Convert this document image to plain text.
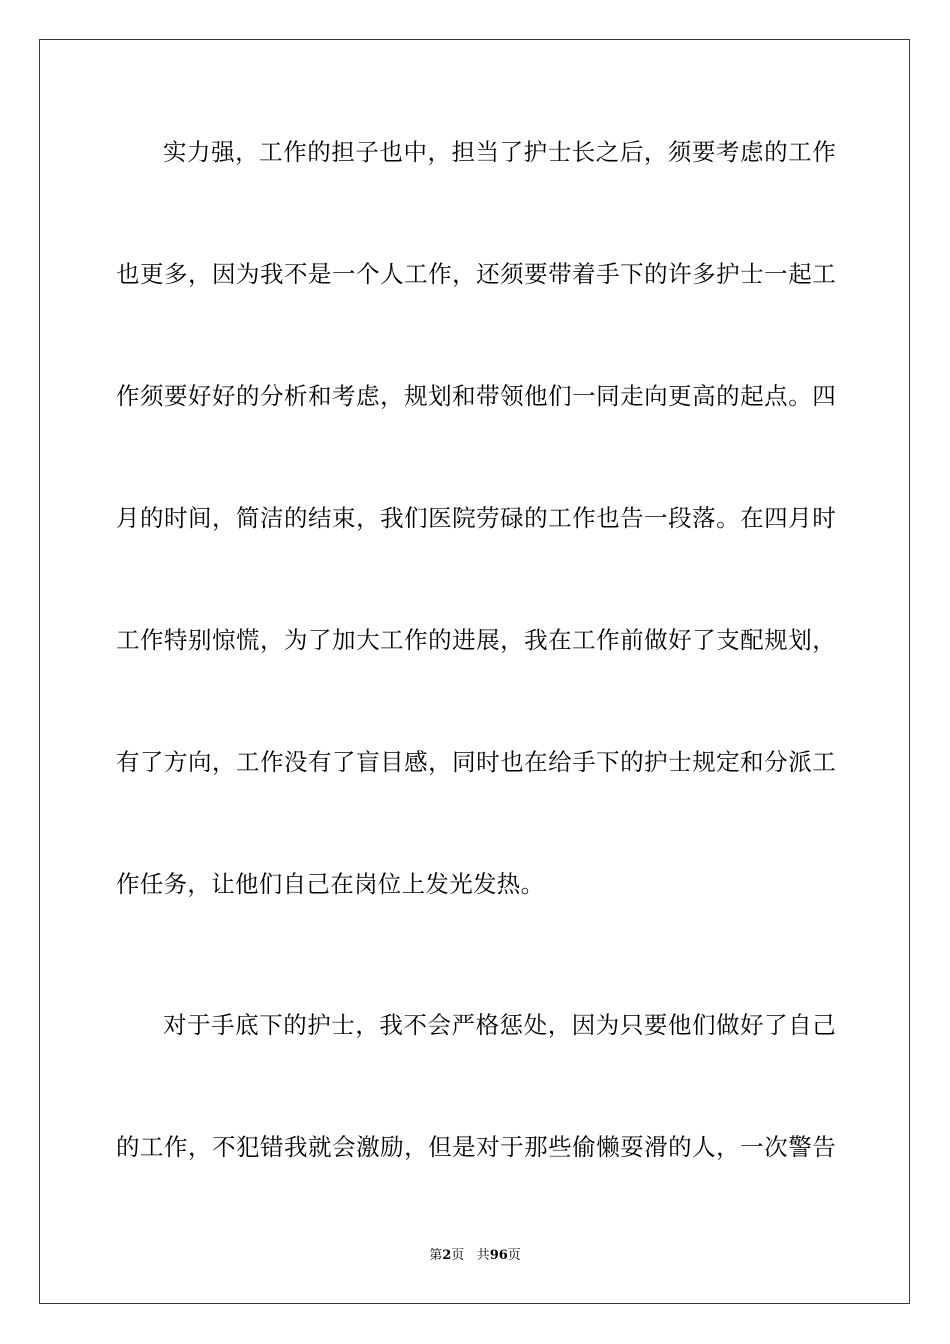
实力强，工作的担子也中，担当了护士长之后，须要考虑的工作
也更多，因为我不是一个人工作，还须要带着手下的许多护士一起工
作须要好好的分析和考虑，规划和带领他们一同走向更高的起点。四
月的时间，简洁的结束，我们医院劳碌的工作也告一段落。在四月时
工作特别惊慌，为了加大工作的进展，我在工作前做好了支配规划，
有了方向，工作没有了盲目感，同时也在给手下的护士规定和分派工
作任务，让他们自己在岗位上发光发热。
对于手底下的护士，我不会严格惩处，因为只要他们做好了自己
的工作，不犯错我就会激励，但是对于那些偷懒耍滑的人，一次警告
第2页 共96页
